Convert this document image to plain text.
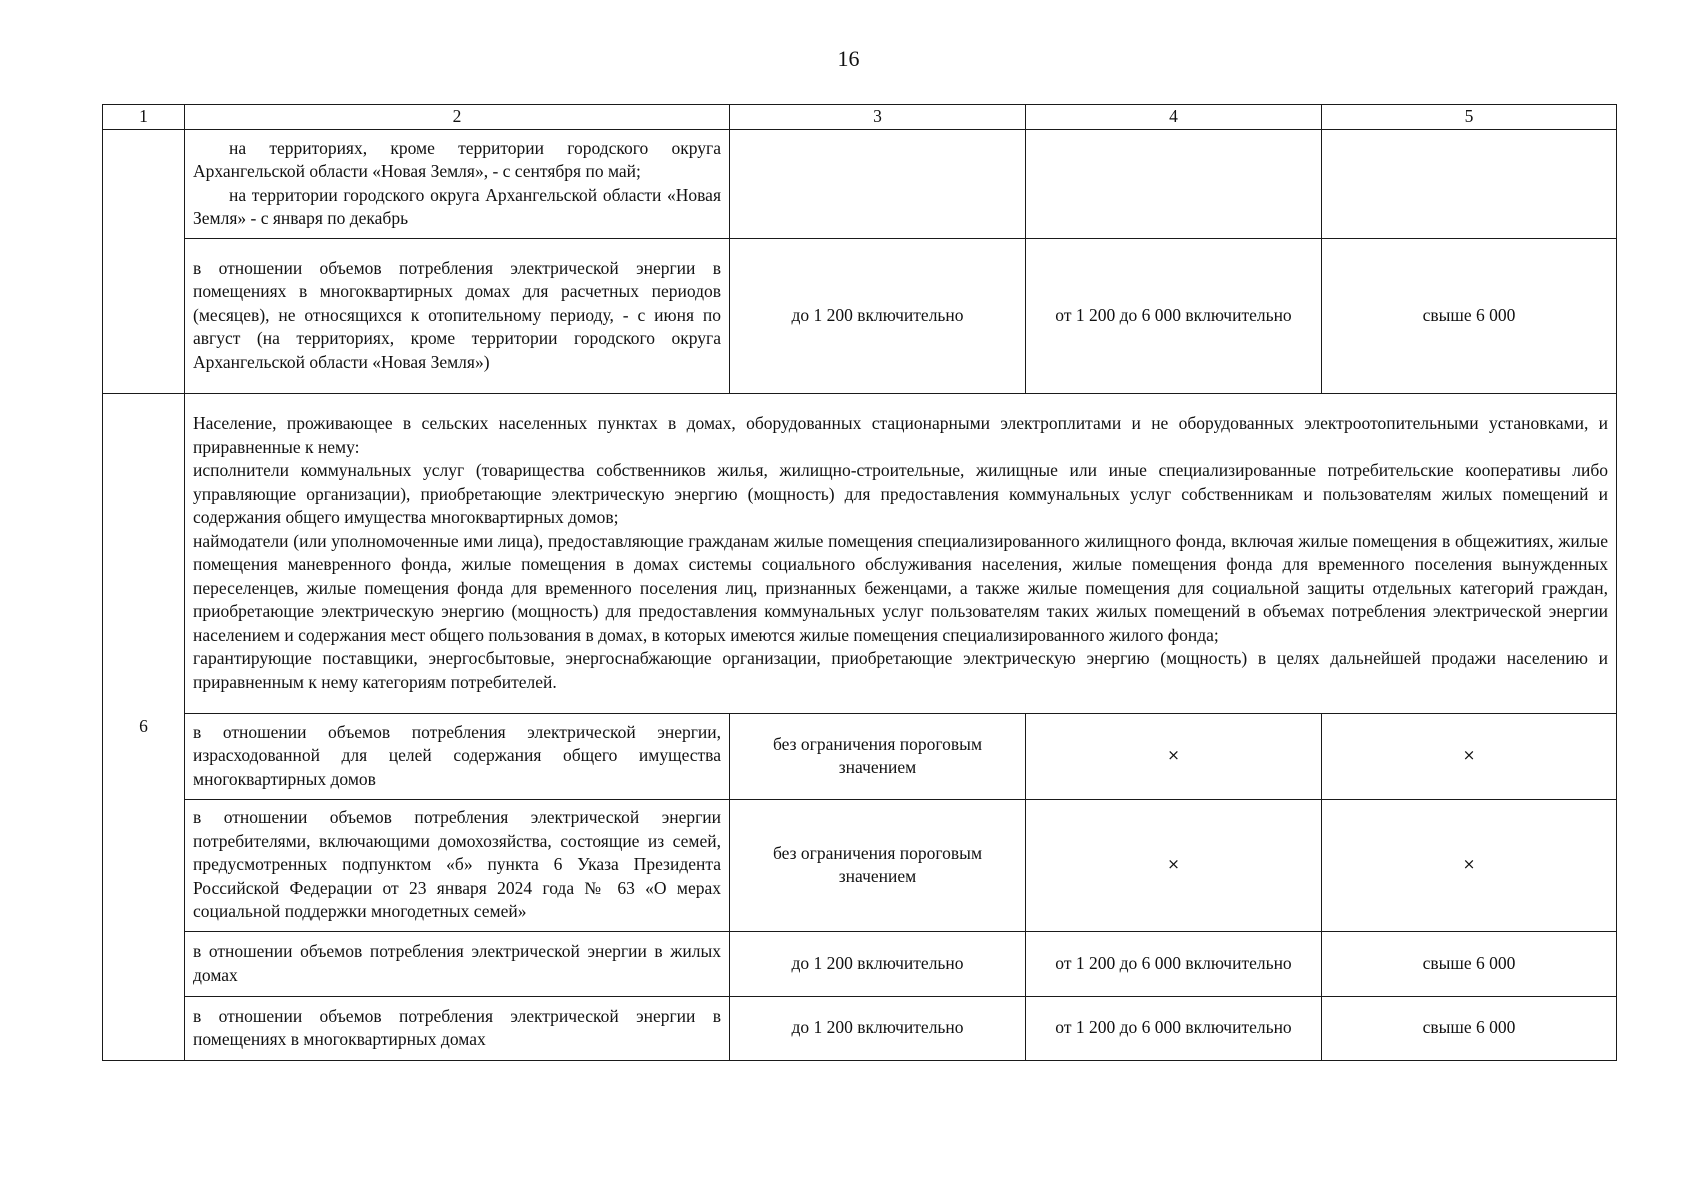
16
1	2	3	4	5

	на территориях, кроме территории городского округа Архангельской области «Новая Земля», - с сентября по май;
на территории городского округа Архангельской области «Новая Земля» - с января по декабрь			

	в отношении объемов потребления электрической энергии в помещениях в многоквартирных домах для расчетных периодов (месяцев), не относящихся к отопительному периоду, - с июня по август (на территориях, кроме территории городского округа Архангельской области «Новая Земля»)	до 1 200 включительно	от 1 200 до 6 000 включительно	свыше 6 000

6	Население, проживающее в сельских населенных пунктах в домах, оборудованных стационарными электроплитами и не оборудованных электроотопительными установками, и приравненные к нему:
исполнители коммунальных услуг (товарищества собственников жилья, жилищно-строительные, жилищные или иные специализированные потребительские кооперативы либо управляющие организации), приобретающие электрическую энергию (мощность) для предоставления коммунальных услуг собственникам и пользователям жилых помещений и содержания общего имущества многоквартирных домов;
наймодатели (или уполномоченные ими лица), предоставляющие гражданам жилые помещения специализированного жилищного фонда, включая жилые помещения в общежитиях, жилые помещения маневренного фонда, жилые помещения в домах системы социального обслуживания населения, жилые помещения фонда для временного поселения вынужденных переселенцев, жилые помещения фонда для временного поселения лиц, признанных беженцами, а также жилые помещения для социальной защиты отдельных категорий граждан, приобретающие электрическую энергию (мощность) для предоставления коммунальных услуг пользователям таких жилых помещений в объемах потребления электрической энергии населением и содержания мест общего пользования в домах, в которых имеются жилые помещения специализированного жилого фонда;
гарантирующие поставщики, энергосбытовые, энергоснабжающие организации, приобретающие электрическую энергию (мощность) в целях дальнейшей продажи населению и приравненным к нему категориям потребителей.			

	в отношении объемов потребления электрической энергии, израсходованной для целей содержания общего имущества многоквартирных домов	без ограничения пороговым значением	×	×
	в отношении объемов потребления электрической энергии потребителями, включающими домохозяйства, состоящие из семей, предусмотренных подпунктом «б» пункта 6 Указа Президента Российской Федерации от 23 января 2024 года № 63 «О мерах социальной поддержки многодетных семей»	без ограничения пороговым значением	×	×
	в отношении объемов потребления электрической энергии в жилых домах	до 1 200 включительно	от 1 200 до 6 000 включительно	свыше 6 000
	в отношении объемов потребления электрической энергии в помещениях в многоквартирных домах	до 1 200 включительно	от 1 200 до 6 000 включительно	свыше 6 000
